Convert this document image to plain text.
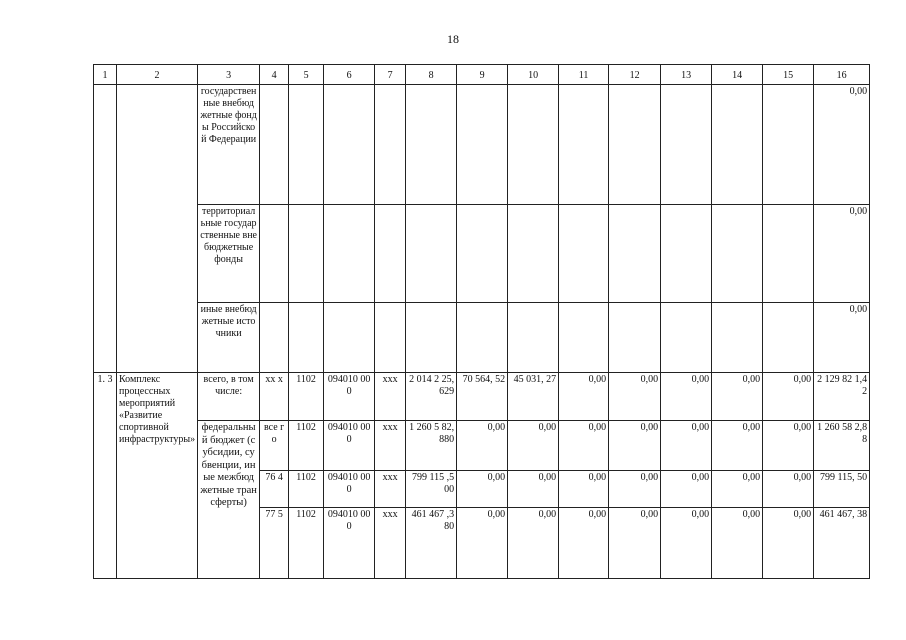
18
1	2	3	4	5	6	7	8	9	10	11	12	13	14	15	16
		государственные внебюджетные фонды Российской Федерации													0,00
		территориальные государственные внебюджетные фонды													0,00
		иные внебюджетные источники													0,00
1. 3	Комплекс процессных мероприятий «Развитие спортивной инфраструктуры»	всего, в том числе:	xx x	1102	094010 000	xxx	2 014 2 25,629	70 564, 52	45 031, 27	0,00	0,00	0,00	0,00	0,00	2 129 82 1,42
		федеральный бюджет (субсидии, субвенции, иные межбюджетные трансферты)	все го	1102	094010 000	xxx	1 260 5 82,880	0,00	0,00	0,00	0,00	0,00	0,00	0,00	1 260 58 2,88
			76 4	1102	094010 000	xxx	799 115 ,500	0,00	0,00	0,00	0,00	0,00	0,00	0,00	799 115, 50
			77 5	1102	094010 000	xxx	461 467 ,380	0,00	0,00	0,00	0,00	0,00	0,00	0,00	461 467, 38
